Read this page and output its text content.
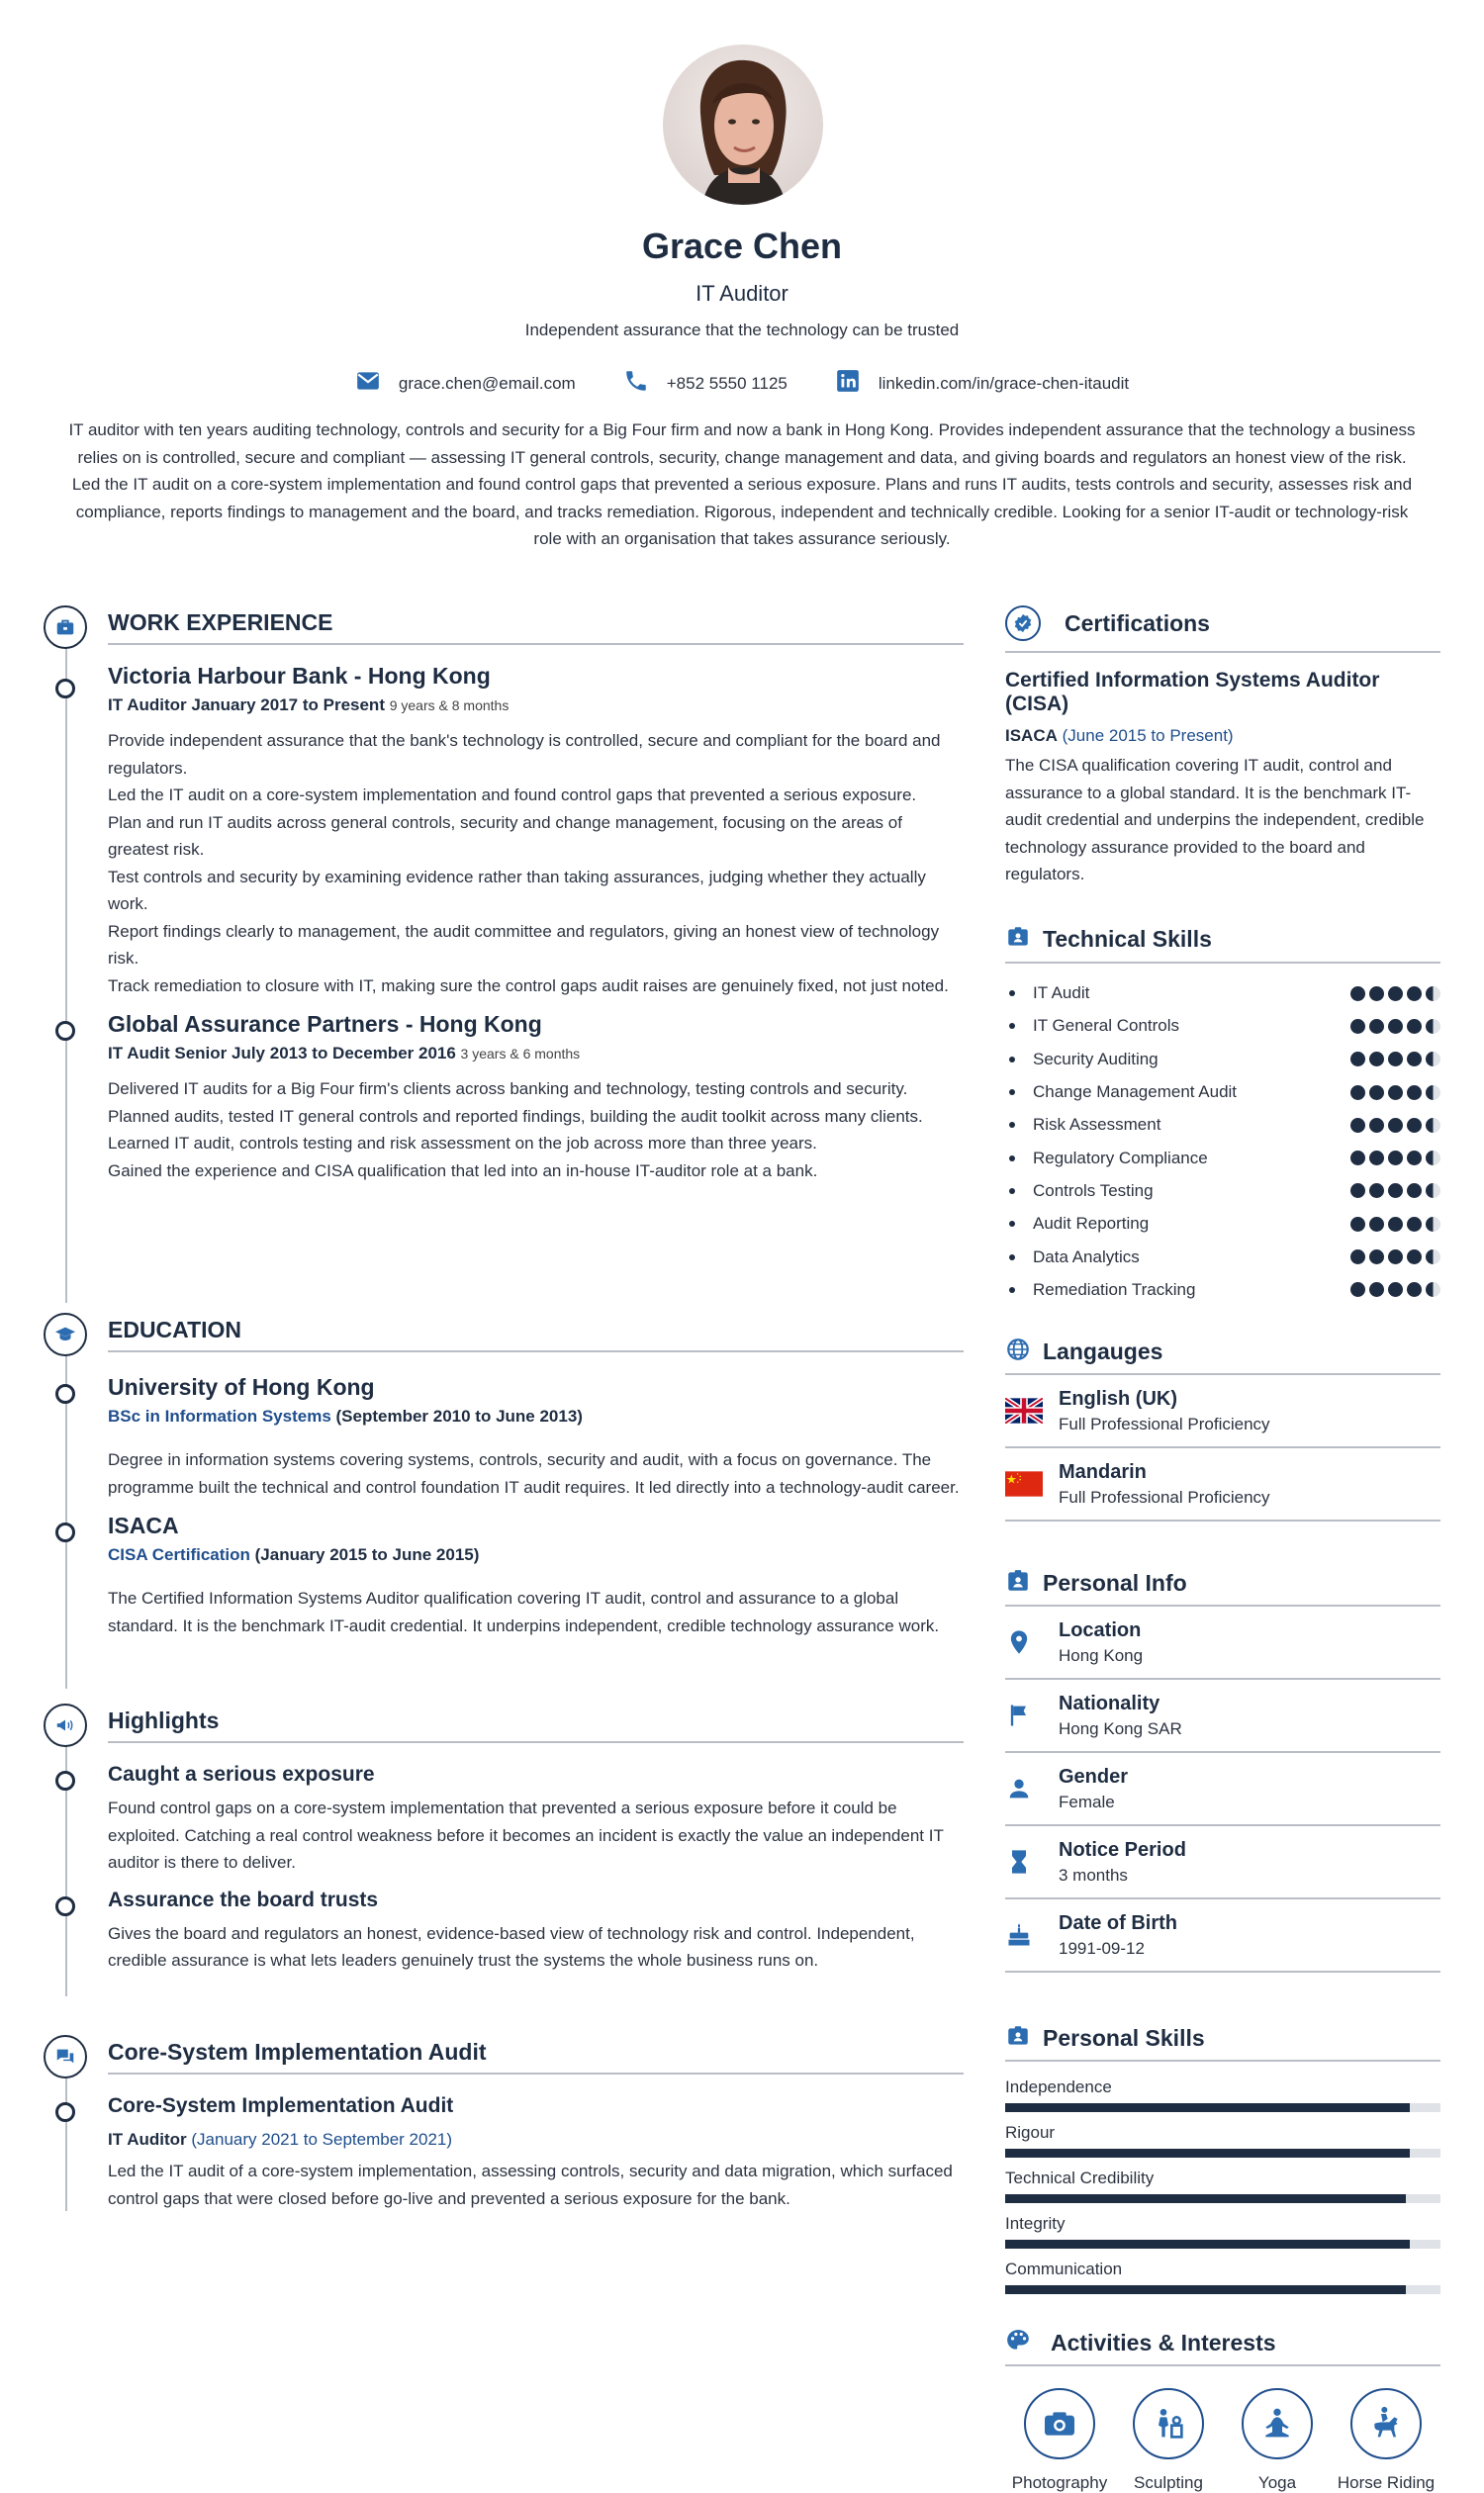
Grace Chen
IT Auditor
Independent assurance that the technology can be trusted
grace.chen@email.com	+852 5550 1125	linkedin.com/in/grace-chen-itaudit
IT auditor with ten years auditing technology, controls and security for a Big Four firm and now a bank in Hong Kong. Provides independent assurance that the technology a business relies on is controlled, secure and compliant — assessing IT general controls, security, change management and data, and giving boards and regulators an honest view of the risk. Led the IT audit on a core-system implementation and found control gaps that prevented a serious exposure. Plans and runs IT audits, tests controls and security, assesses risk and compliance, reports findings to management and the board, and tracks remediation. Rigorous, independent and technically credible. Looking for a senior IT-audit or technology-risk role with an organisation that takes assurance seriously.
WORK EXPERIENCE
Victoria Harbour Bank - Hong Kong
IT Auditor January 2017 to Present 9 years & 8 months
Provide independent assurance that the bank's technology is controlled, secure and compliant for the board and regulators.
Led the IT audit on a core-system implementation and found control gaps that prevented a serious exposure.
Plan and run IT audits across general controls, security and change management, focusing on the areas of greatest risk.
Test controls and security by examining evidence rather than taking assurances, judging whether they actually work.
Report findings clearly to management, the audit committee and regulators, giving an honest view of technology risk.
Track remediation to closure with IT, making sure the control gaps audit raises are genuinely fixed, not just noted.
Global Assurance Partners - Hong Kong
IT Audit Senior July 2013 to December 2016 3 years & 6 months
Delivered IT audits for a Big Four firm's clients across banking and technology, testing controls and security.
Planned audits, tested IT general controls and reported findings, building the audit toolkit across many clients.
Learned IT audit, controls testing and risk assessment on the job across more than three years.
Gained the experience and CISA qualification that led into an in-house IT-auditor role at a bank.
EDUCATION
University of Hong Kong
BSc in Information Systems (September 2010 to June 2013)
Degree in information systems covering systems, controls, security and audit, with a focus on governance. The programme built the technical and control foundation IT audit requires. It led directly into a technology-audit career.
ISACA
CISA Certification (January 2015 to June 2015)
The Certified Information Systems Auditor qualification covering IT audit, control and assurance to a global standard. It is the benchmark IT-audit credential. It underpins independent, credible technology assurance work.
Highlights
Caught a serious exposure
Found control gaps on a core-system implementation that prevented a serious exposure before it could be exploited. Catching a real control weakness before it becomes an incident is exactly the value an independent IT auditor is there to deliver.
Assurance the board trusts
Gives the board and regulators an honest, evidence-based view of technology risk and control. Independent, credible assurance is what lets leaders genuinely trust the systems the whole business runs on.
Core-System Implementation Audit
Core-System Implementation Audit
IT Auditor (January 2021 to September 2021)
Led the IT audit of a core-system implementation, assessing controls, security and data migration, which surfaced control gaps that were closed before go-live and prevented a serious exposure for the bank.
Certifications
Certified Information Systems Auditor (CISA)
ISACA (June 2015 to Present)
The CISA qualification covering IT audit, control and assurance to a global standard. It is the benchmark IT-audit credential and underpins the independent, credible technology assurance provided to the board and regulators.
Technical Skills
IT Audit
IT General Controls
Security Auditing
Change Management Audit
Risk Assessment
Regulatory Compliance
Controls Testing
Audit Reporting
Data Analytics
Remediation Tracking
Langauges
English (UK)
Full Professional Proficiency
Mandarin
Full Professional Proficiency
Personal Info
Location
Hong Kong
Nationality
Hong Kong SAR
Gender
Female
Notice Period
3 months
Date of Birth
1991-09-12
Personal Skills
Independence
Rigour
Technical Credibility
Integrity
Communication
Activities & Interests
Photography	Sculpting	Yoga	Horse Riding
